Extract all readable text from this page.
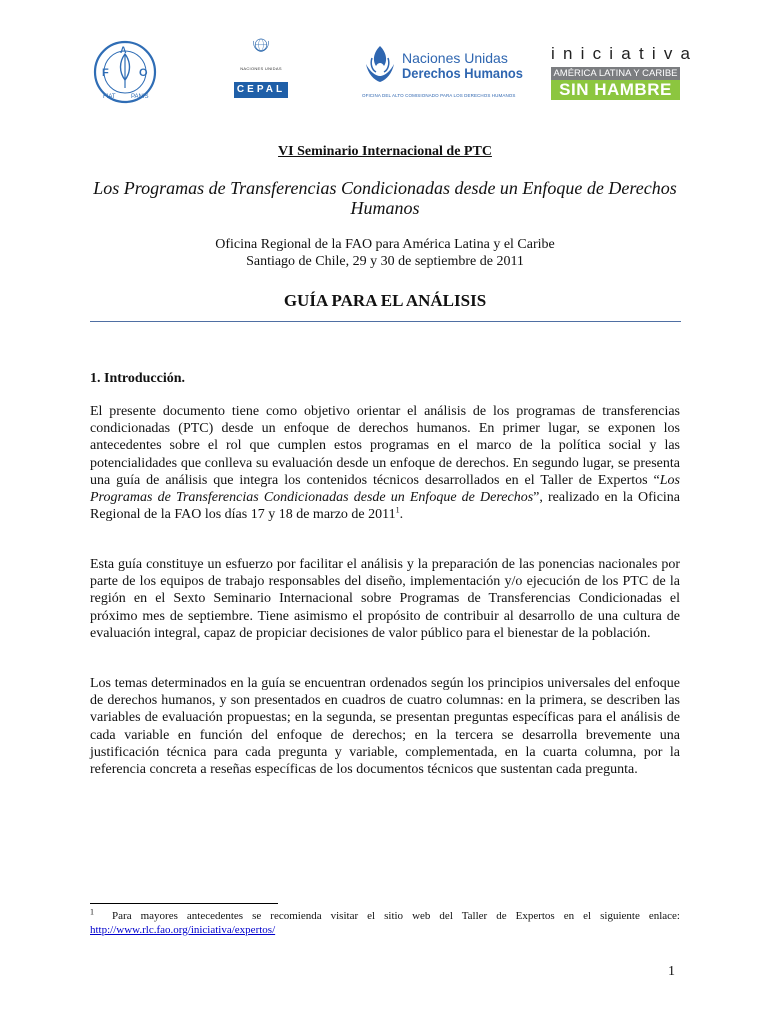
F
A
O
FIAT	PANIS
NACIONES UNIDAS
CEPAL
Naciones Unidas
Derechos Humanos
OFICINA DEL ALTO COMISIONADO PARA LOS DERECHOS HUMANOS
iniciativa
AMÉRICA LATINA Y CARIBE
SIN HAMBRE
VI Seminario Internacional de PTC
Los Programas de Transferencias Condicionadas desde un Enfoque de Derechos Humanos
Oficina Regional de la FAO para América Latina y el Caribe
Santiago de Chile, 29 y 30 de septiembre de 2011
GUÍA PARA EL ANÁLISIS
1. Introducción.

El presente documento tiene como objetivo orientar el análisis de los programas de transferencias condicionadas (PTC) desde un enfoque de derechos humanos. En primer lugar, se exponen los antecedentes sobre el rol que cumplen estos programas en el marco de la política social y las potencialidades que conlleva su evaluación desde un enfoque de derechos. En segundo lugar, se presenta una guía de análisis que integra los contenidos técnicos desarrollados en el Taller de Expertos “Los Programas de Transferencias Condicionadas desde un Enfoque de Derechos”, realizado en la Oficina Regional de la FAO los días 17 y 18 de marzo de 2011$^1$.

Esta guía constituye un esfuerzo por facilitar el análisis y la preparación de las ponencias nacionales por parte de los equipos de trabajo responsables del diseño, implementación y/o ejecución de los PTC de la región en el Sexto Seminario Internacional sobre Programas de Transferencias Condicionadas el próximo mes de septiembre. Tiene asimismo el propósito de contribuir al desarrollo de una cultura de evaluación integral, capaz de propiciar decisiones de valor público para el bienestar de la población.

Los temas determinados en la guía se encuentran ordenados según los principios universales del enfoque de derechos humanos, y son presentados en cuadros de cuatro columnas: en la primera, se describen las variables de evaluación propuestas; en la segunda, se presentan preguntas específicas para el análisis de cada variable en función del enfoque de derechos; en la tercera se desarrolla brevemente una justificación técnica para cada pregunta y variable, complementada, en la cuarta columna, por la referencia concreta a reseñas específicas de los documentos técnicos que sustentan cada pregunta.

$^1$ Para mayores antecedentes se recomienda visitar el sitio web del Taller de Expertos en el siguiente enlace: http://www.rlc.fao.org/iniciativa/expertos/

1
